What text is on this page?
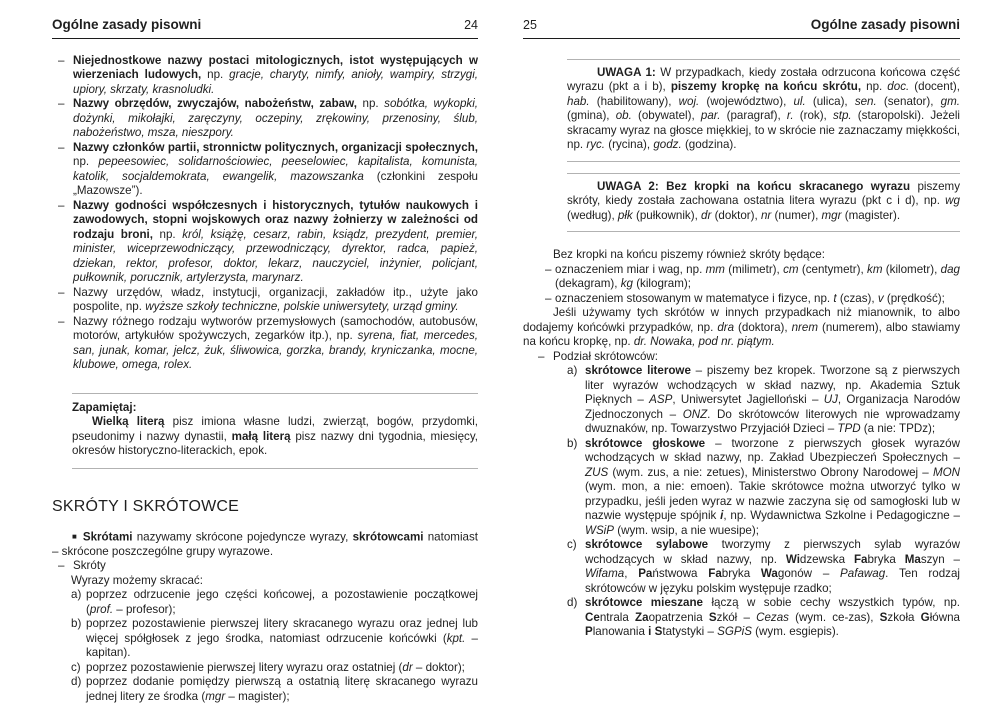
Ogólne zasady pisowni	24
– Niejednostkowe nazwy postaci mitologicznych, istot występujących w wierzeniach ludowych, np. gracje, charyty, nimfy, anioły, wampiry, strzygi, upiory, skrzaty, krasnoludki.
– Nazwy obrzędów, zwyczajów, nabożeństw, zabaw, np. sobótka, wykopki, dożynki, mikołajki, zaręczyny, oczepiny, zrękowiny, przenosiny, ślub, nabożeństwo, msza, nieszpory.
– Nazwy członków partii, stronnictw politycznych, organizacji społecznych, np. pepeesowiec, solidarnościowiec, peeselowiec, kapitalista, komunista, katolik, socjaldemokrata, ewangelik, mazowszanka (członkini zespołu „Mazowsze”).
– Nazwy godności współczesnych i historycznych, tytułów naukowych i zawodowych, stopni wojskowych oraz nazwy żołnierzy w zależności od rodzaju broni, np. król, książę, cesarz, rabin, ksiądz, prezydent, premier, minister, wiceprzewodniczący, przewodniczący, dyrektor, radca, papież, dziekan, rektor, profesor, doktor, lekarz, nauczyciel, inżynier, policjant, pułkownik, porucznik, artylerzysta, marynarz.
– Nazwy urzędów, władz, instytucji, organizacji, zakładów itp., użyte jako pospolite, np. wyższe szkoły techniczne, polskie uniwersytety, urząd gminy.
– Nazwy różnego rodzaju wytworów przemysłowych (samochodów, autobusów, motorów, artykułów spożywczych, zegarków itp.), np. syrena, fiat, mercedes, san, junak, komar, jelcz, żuk, śliwowica, gorzka, brandy, kryniczanka, mocne, klubowe, omega, rolex.
Zapamiętaj:
Wielką literą pisz imiona własne ludzi, zwierząt, bogów, przydomki, pseudonimy i nazwy dynastii, małą literą pisz nazwy dni tygodnia, miesięcy, okresów historyczno-literackich, epok.
SKRÓTY I SKRÓTOWCE
■ Skrótami nazywamy skrócone pojedyncze wyrazy, skrótowcami natomiast – skrócone poszczególne grupy wyrazowe.
– Skróty
Wyrazy możemy skracać:
a) poprzez odrzucenie jego części końcowej, a pozostawienie początkowej (prof. – profesor);
b) poprzez pozostawienie pierwszej litery skracanego wyrazu oraz jednej lub więcej spółgłosek z jego środka, natomiast odrzucenie końcówki (kpt. – kapitan).
c) poprzez pozostawienie pierwszej litery wyrazu oraz ostatniej (dr – doktor);
d) poprzez dodanie pomiędzy pierwszą a ostatnią literę skracanego wyrazu jednej litery ze środka (mgr – magister);
25	Ogólne zasady pisowni
UWAGA 1: W przypadkach, kiedy została odrzucona końcowa część wyrazu (pkt a i b), piszemy kropkę na końcu skrótu, np. doc. (docent), hab. (habilitowany), woj. (województwo), ul. (ulica), sen. (senator), gm. (gmina), ob. (obywatel), par. (paragraf), r. (rok), stp. (staropolski). Jeżeli skracamy wyraz na głosce miękkiej, to w skrócie nie zaznaczamy miękkości, np. ryc. (rycina), godz. (godzina).
UWAGA 2: Bez kropki na końcu skracanego wyrazu piszemy skróty, kiedy została zachowana ostatnia litera wyrazu (pkt c i d), np. wg (według), płk (pułkownik), dr (doktor), nr (numer), mgr (magister).
Bez kropki na końcu piszemy również skróty będące:
– oznaczeniem miar i wag, np. mm (milimetr), cm (centymetr), km (kilometr), dag (dekagram), kg (kilogram);
– oznaczeniem stosowanym w matematyce i fizyce, np. t (czas), v (prędkość);
Jeśli używamy tych skrótów w innych przypadkach niż mianownik, to albo dodajemy końcówki przypadków, np. dra (doktora), nrem (numerem), albo stawiamy na końcu kropkę, np. dr. Nowaka, pod nr. piątym.
– Podział skrótowców:
a) skrótowce literowe – piszemy bez kropek. Tworzone są z pierwszych liter wyrazów wchodzących w skład nazwy, np. Akademia Sztuk Pięknych – ASP, Uniwersytet Jagielloński – UJ, Organizacja Narodów Zjednoczonych – ONZ. Do skrótowców literowych nie wprowadzamy dwuznaków, np. Towarzystwo Przyjaciół Dzieci – TPD (a nie: TPDz);
b) skrótowce głoskowe – tworzone z pierwszych głosek wyrazów wchodzących w skład nazwy, np. Zakład Ubezpieczeń Społecznych – ZUS (wym. zus, a nie: zetues), Ministerstwo Obrony Narodowej – MON (wym. mon, a nie: emoen). Takie skrótowce można utworzyć tylko w przypadku, jeśli jeden wyraz w nazwie zaczyna się od samogłoski lub w nazwie występuje spójnik i, np. Wydawnictwa Szkolne i Pedagogiczne – WSiP (wym. wsip, a nie wuesipe);
c) skrótowce sylabowe tworzymy z pierwszych sylab wyrazów wchodzących w skład nazwy, np. Widzewska Fabryka Maszyn – Wifama, Państwowa Fabryka Wagonów – Pafawag. Ten rodzaj skrótowców w języku polskim występuje rzadko;
d) skrótowce mieszane łączą w sobie cechy wszystkich typów, np. Centrala Zaopatrzenia Szkół – Cezas (wym. ce-zas), Szkoła Główna Planowania i Statystyki – SGPiS (wym. esgiepis).
